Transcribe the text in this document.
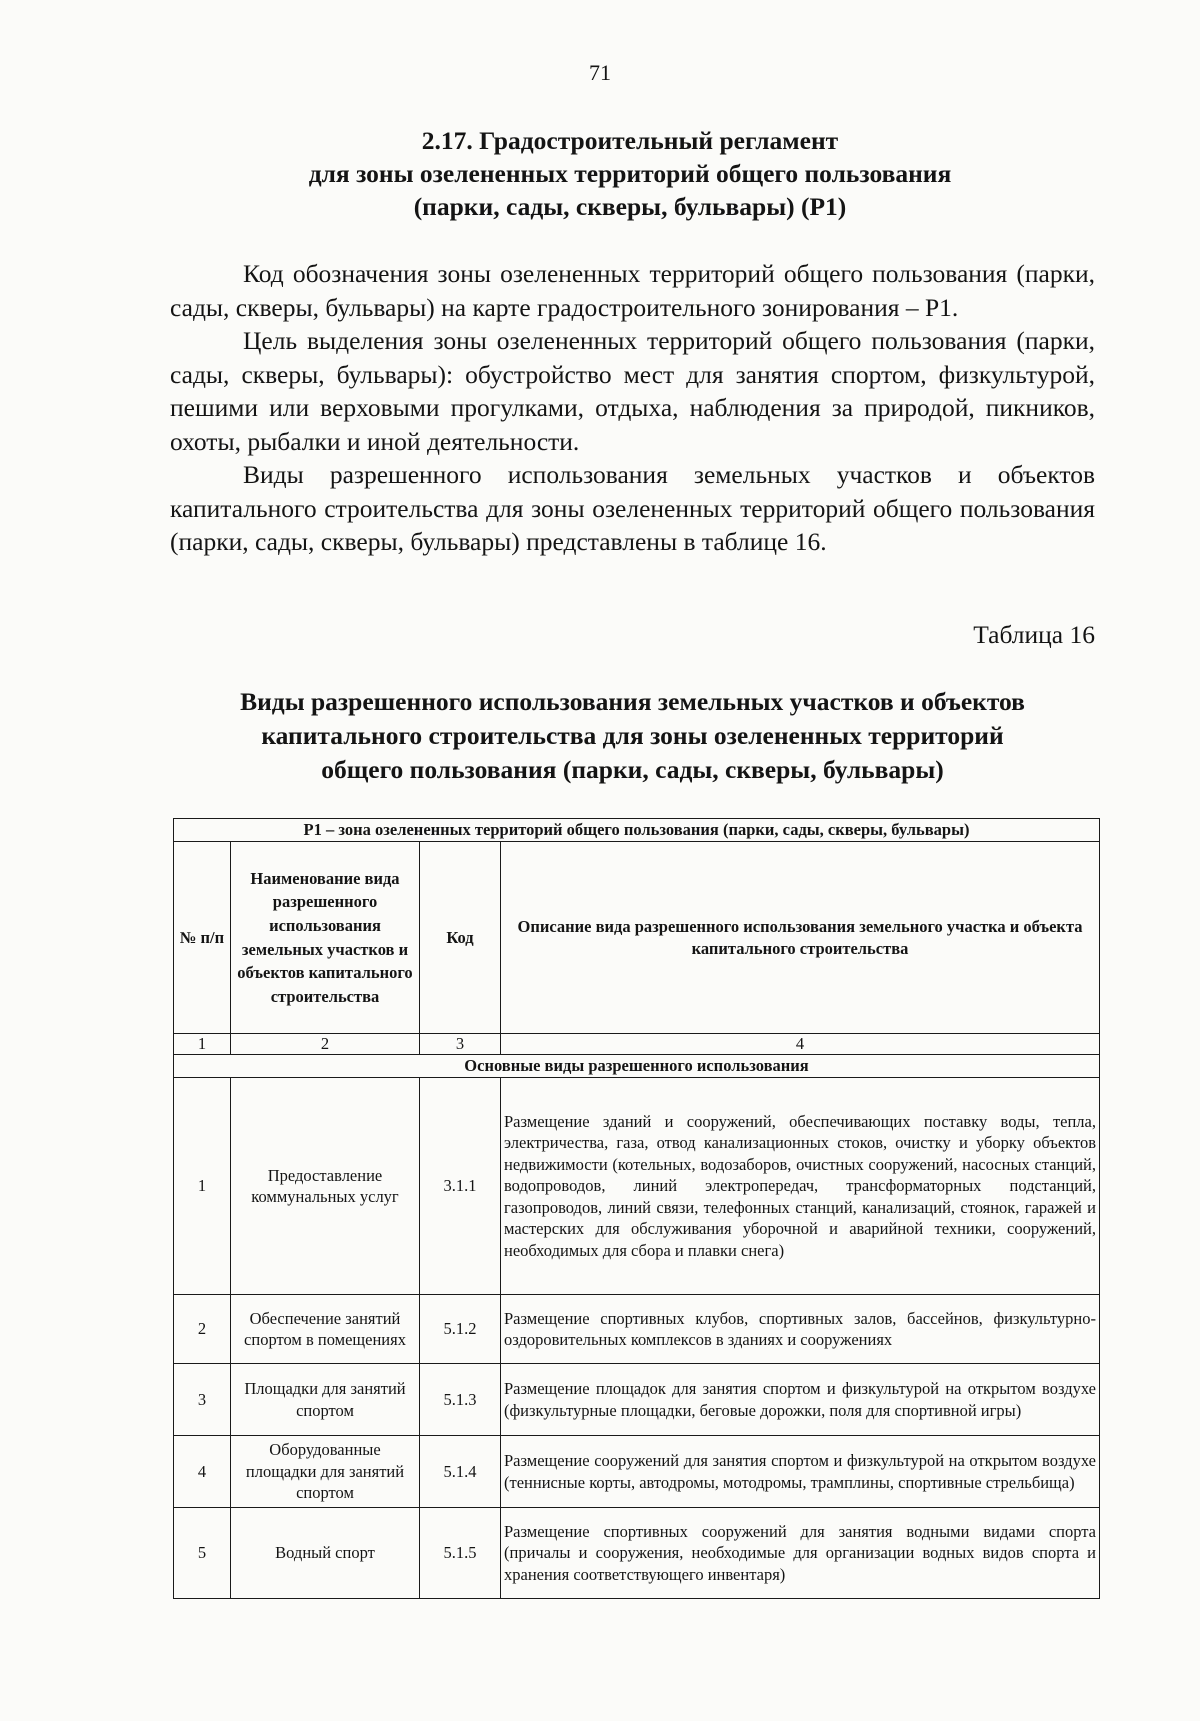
71
2.17. Градостроительный регламент
для зоны озелененных территорий общего пользования
(парки, сады, скверы, бульвары) (Р1)

Код обозначения зоны озелененных территорий общего пользования (парки, сады, скверы, бульвары) на карте градостроительного зонирования – Р1.

Цель выделения зоны озелененных территорий общего пользования (парки, сады, скверы, бульвары): обустройство мест для занятия спортом, физкультурой, пешими или верховыми прогулками, отдыха, наблюдения за природой, пикников, охоты, рыбалки и иной деятельности.

Виды разрешенного использования земельных участков и объектов капитального строительства для зоны озелененных территорий общего пользования (парки, сады, скверы, бульвары) представлены в таблице 16.

Таблица 16
Виды разрешенного использования земельных участков и объектов
капитального строительства для зоны озелененных территорий
общего пользования (парки, сады, скверы, бульвары)
Р1 – зона озелененных территорий общего пользования (парки, сады, скверы, бульвары)			
№ п/п	Наименование вида разрешенного использования земельных участков и объектов капитального строительства	Код	Описание вида разрешенного использования земельного участка и объекта капитального строительства
1	2	3	4
Основные виды разрешенного использования			
1	Предоставление коммунальных услуг	3.1.1	Размещение зданий и сооружений, обеспечивающих поставку воды, тепла, электричества, газа, отвод канализационных стоков, очистку и уборку объектов недвижимости (котельных, водозаборов, очистных сооружений, насосных станций, водопроводов, линий электропередач, трансформаторных подстанций, газопроводов, линий связи, телефонных станций, канализаций, стоянок, гаражей и мастерских для обслуживания уборочной и аварийной техники, сооружений, необходимых для сбора и плавки снега)
2	Обеспечение занятий спортом в помещениях	5.1.2	Размещение спортивных клубов, спортивных залов, бассейнов, физкультурно-оздоровительных комплексов в зданиях и сооружениях
3	Площадки для занятий спортом	5.1.3	Размещение площадок для занятия спортом и физкультурой на открытом воздухе (физкультурные площадки, беговые дорожки, поля для спортивной игры)
4	Оборудованные площадки для занятий спортом	5.1.4	Размещение сооружений для занятия спортом и физкультурой на открытом воздухе (теннисные корты, автодромы, мотодромы, трамплины, спортивные стрельбища)
5	Водный спорт	5.1.5	Размещение спортивных сооружений для занятия водными видами спорта (причалы и сооружения, необходимые для организации водных видов спорта и хранения соответствующего инвентаря)
